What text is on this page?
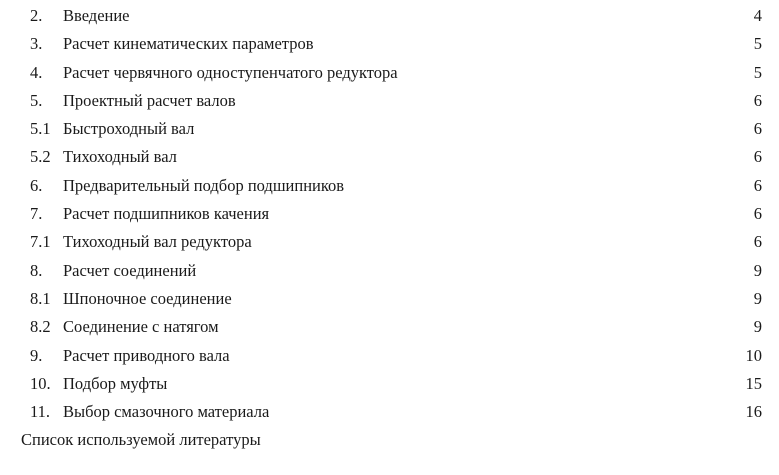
2.	Введение	4
3.	Расчет кинематических параметров	5
4.	Расчет червячного одноступенчатого редуктора	5
5.	Проектный расчет валов	6
5.1 Быстроходный вал	6
5.2 Тихоходный вал	6
6.	Предварительный подбор подшипников	6
7.	Расчет подшипников качения	6
7.1 Тихоходный вал редуктора	6
8.	Расчет соединений	9
8.1 Шпоночное соединение	9
8.2 Соединение с натягом	9
9.	Расчет приводного вала	10
10. Подбор муфты	15
11. Выбор смазочного материала	16
Список используемой литературы
